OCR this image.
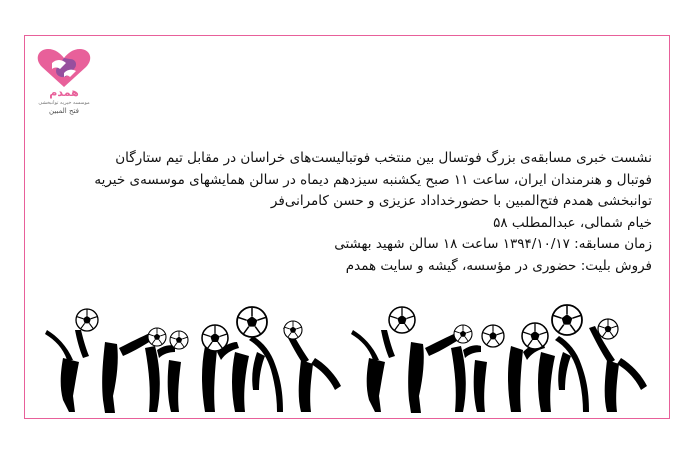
همدم
موسسه خیریه توانبخشی
فتح المبین
نشست خبری مسابقه‌ی بزرگ فوتسال بین منتخب فوتبالیست‌های خراسان در مقابل تیم ستارگان
فوتبال و هنرمندان ایران، ساعت ۱۱ صبح یکشنبه سیزدهم دیماه در سالن همایشهای موسسه‌ی خیریه
توانبخشی همدم فتح‌المبین با حضورخداداد عزیزی و حسن کامرانی‌فر
خیام شمالی، عبدالمطلب ۵۸
زمان مسابقه: ۱۳۹۴/۱۰/۱۷ ساعت ۱۸ سالن شهید بهشتی
فروش بلیت: حضوری در مؤسسه، گیشه و سایت همدم
